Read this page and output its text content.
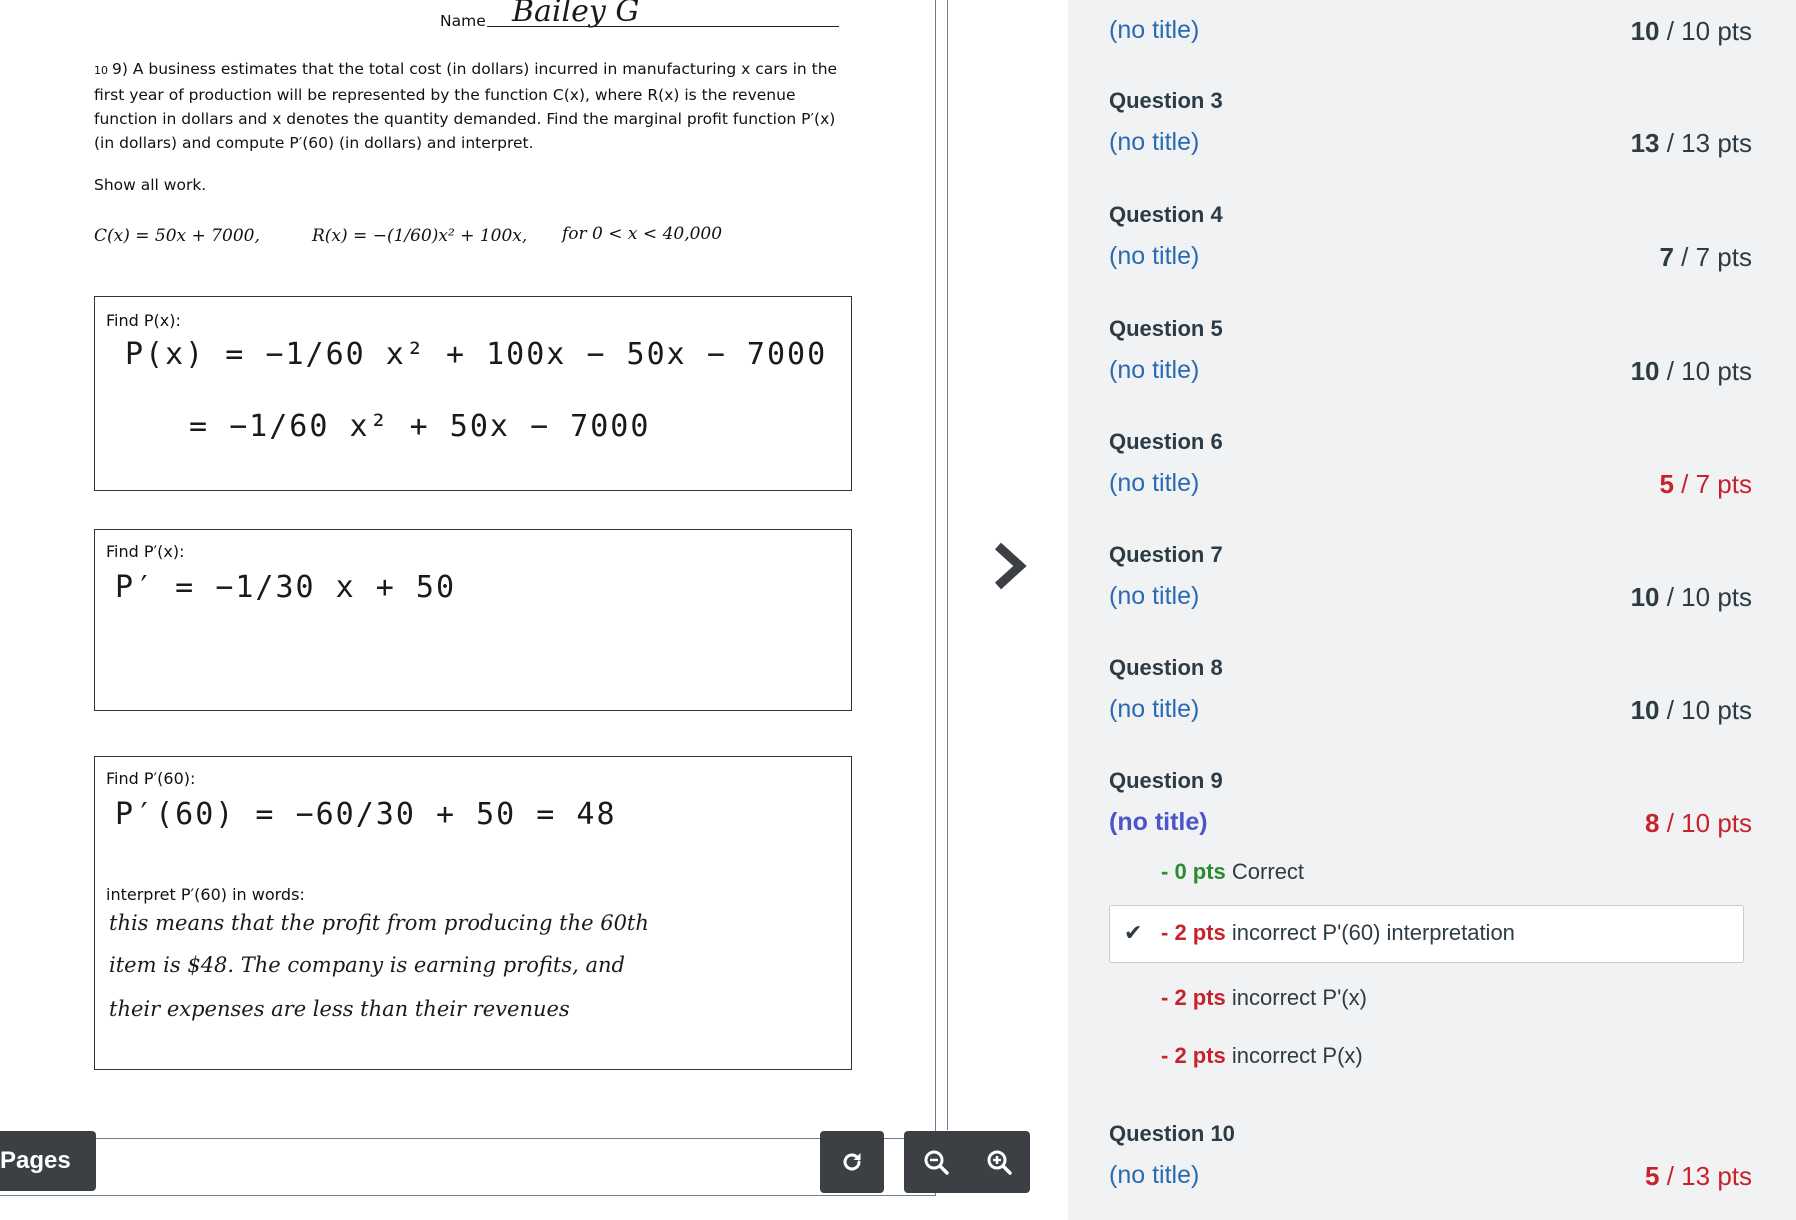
Name Bailey G
10 9) A business estimates that the total cost (in dollars) incurred in manufacturing x cars in the first year of production will be represented by the function C(x), where R(x) is the revenue function in dollars and x denotes the quantity demanded. Find the marginal profit function P′(x) (in dollars) and compute P′(60) (in dollars) and interpret.
Show all work.
C(x) = 50x + 7000,	R(x) = −(1/60)x² + 100x, for 0 < x < 40,000
Find P(x):
P(x) = −1/60 x² + 100x − 50x − 7000
= −1/60 x² + 50x − 7000
Find P′(x):
P′ = −1/30 x + 50
Find P′(60):
P′(60) = −60/30 + 50 = 48
interpret P′(60) in words:
this means that the profit from producing the 60th
item is $48. The company is earning profits, and
their expenses are less than their revenues
Pages
(no title)	10 / 10 pts
Question 3
(no title)	13 / 13 pts
Question 4
(no title)	7 / 7 pts
Question 5
(no title)	10 / 10 pts
Question 6
(no title)	5 / 7 pts
Question 7
(no title)	10 / 10 pts
Question 8
(no title)	10 / 10 pts
Question 9
(no title)	8 / 10 pts
- 0 pts Correct
✔ - 2 pts incorrect P'(60) interpretation
- 2 pts incorrect P'(x)
- 2 pts incorrect P(x)
Question 10
(no title)	5 / 13 pts
